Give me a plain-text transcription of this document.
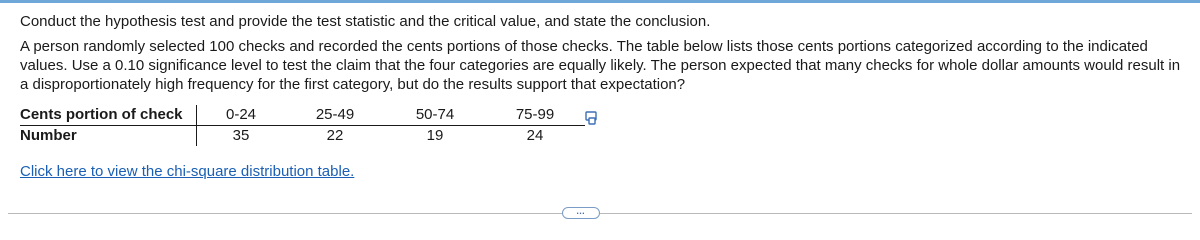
Conduct the hypothesis test and provide the test statistic and the critical value, and state the conclusion.

A person randomly selected 100 checks and recorded the cents portions of those checks. The table below lists those cents portions categorized according to the indicated values. Use a 0.10 significance level to test the claim that the four categories are equally likely. The person expected that many checks for whole dollar amounts would result in a disproportionately high frequency for the first category, but do the results support that expectation?

Cents portion of check	0-24	25-49	50-74	75-99
Number	35	22	19	24
Click here to view the chi-square distribution table.
…
